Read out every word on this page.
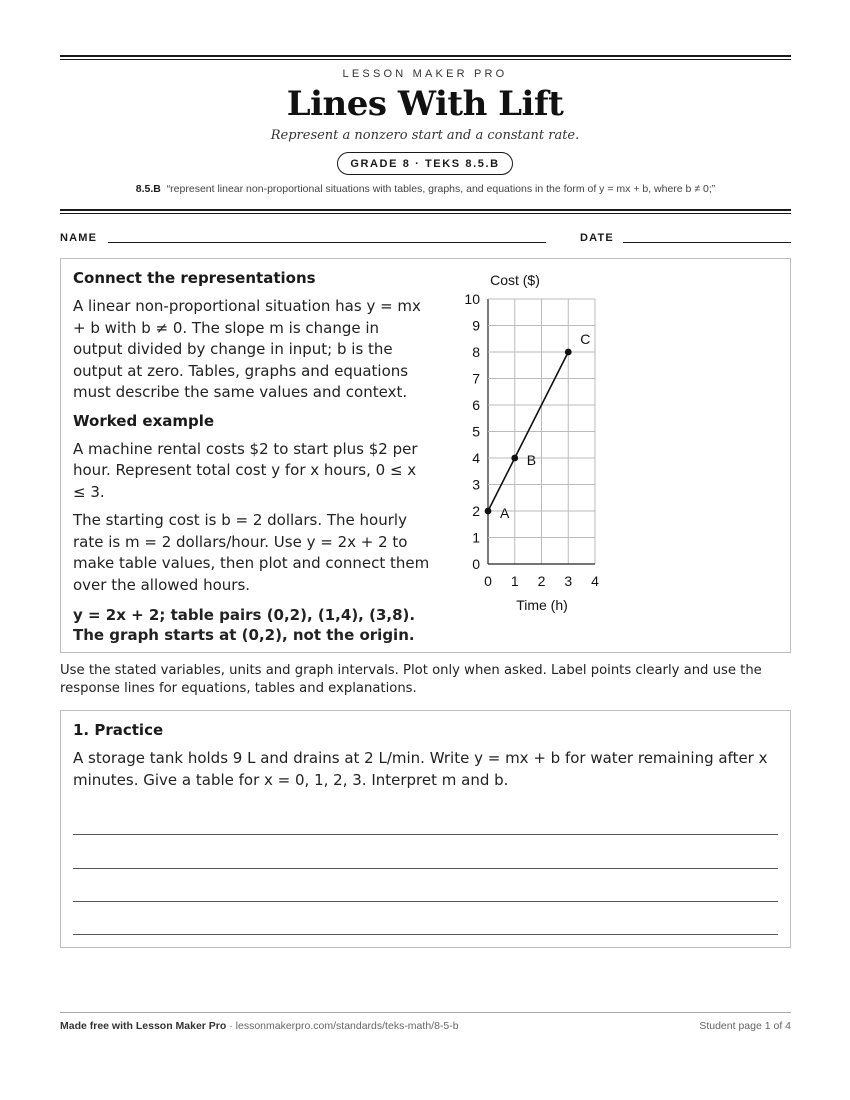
LESSON MAKER PRO
Lines With Lift
Represent a nonzero start and a constant rate.
GRADE 8 · TEKS 8.5.B
8.5.B “represent linear non-proportional situations with tables, graphs, and equations in the form of y = mx + b, where b ≠ 0;”
NAME	DATE
Connect the representations
A linear non-proportional situation has y = mx + b with b ≠ 0. The slope m is change in output divided by change in input; b is the output at zero. Tables, graphs and equations must describe the same values and context.
Worked example
A machine rental costs $2 to start plus $2 per hour. Represent total cost y for x hours, 0 ≤ x ≤ 3.
The starting cost is b = 2 dollars. The hourly rate is m = 2 dollars/hour. Use y = 2x + 2 to make table values, then plot and connect them over the allowed hours.
y = 2x + 2; table pairs (0,2), (1,4), (3,8). The graph starts at (0,2), not the origin.
0 1 2 3 4
0
1
2
3
4
5
6
7
8
9
10
A
B
C
Cost ($)
Time (h)
Use the stated variables, units and graph intervals. Plot only when asked. Label points clearly and use the response lines for equations, tables and explanations.
1. Practice
A storage tank holds 9 L and drains at 2 L/min. Write y = mx + b for water remaining after x minutes. Give a table for x = 0, 1, 2, 3. Interpret m and b.
Made free with Lesson Maker Pro · lessonmakerpro.com/standards/teks-math/8-5-b	Student page 1 of 4
